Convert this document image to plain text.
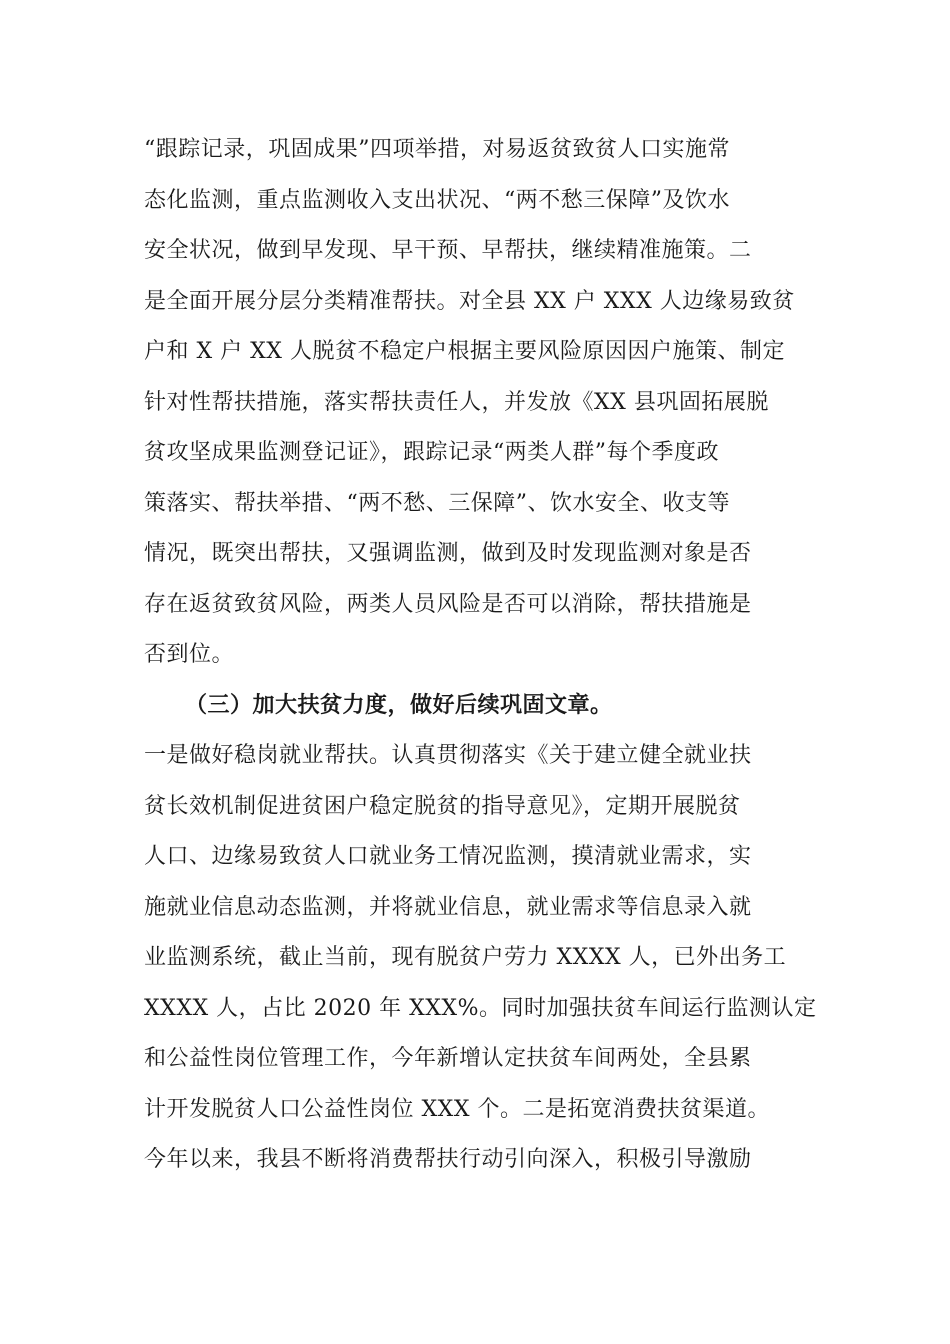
“跟踪记录，巩固成果”四项举措，对易返贫致贫人口实施常
态化监测，重点监测收入支出状况、“两不愁三保障”及饮水
安全状况，做到早发现、早干预、早帮扶，继续精准施策。二
是全面开展分层分类精准帮扶。对全县 XX 户 XXX 人边缘易致贫
户和 X 户 XX 人脱贫不稳定户根据主要风险原因因户施策、制定
针对性帮扶措施，落实帮扶责任人，并发放《XX 县巩固拓展脱
贫攻坚成果监测登记证》，跟踪记录“两类人群”每个季度政
策落实、帮扶举措、“两不愁、三保障”、饮水安全、收支等
情况，既突出帮扶，又强调监测，做到及时发现监测对象是否
存在返贫致贫风险，两类人员风险是否可以消除，帮扶措施是
否到位。
（三）加大扶贫力度，做好后续巩固文章。
一是做好稳岗就业帮扶。认真贯彻落实《关于建立健全就业扶
贫长效机制促进贫困户稳定脱贫的指导意见》，定期开展脱贫
人口、边缘易致贫人口就业务工情况监测，摸清就业需求，实
施就业信息动态监测，并将就业信息，就业需求等信息录入就
业监测系统，截止当前，现有脱贫户劳力 XXXX 人，已外出务工
XXXX 人，占比 2020 年 XXX%。同时加强扶贫车间运行监测认定
和公益性岗位管理工作，今年新增认定扶贫车间两处，全县累
计开发脱贫人口公益性岗位 XXX 个。二是拓宽消费扶贫渠道。
今年以来，我县不断将消费帮扶行动引向深入，积极引导激励
